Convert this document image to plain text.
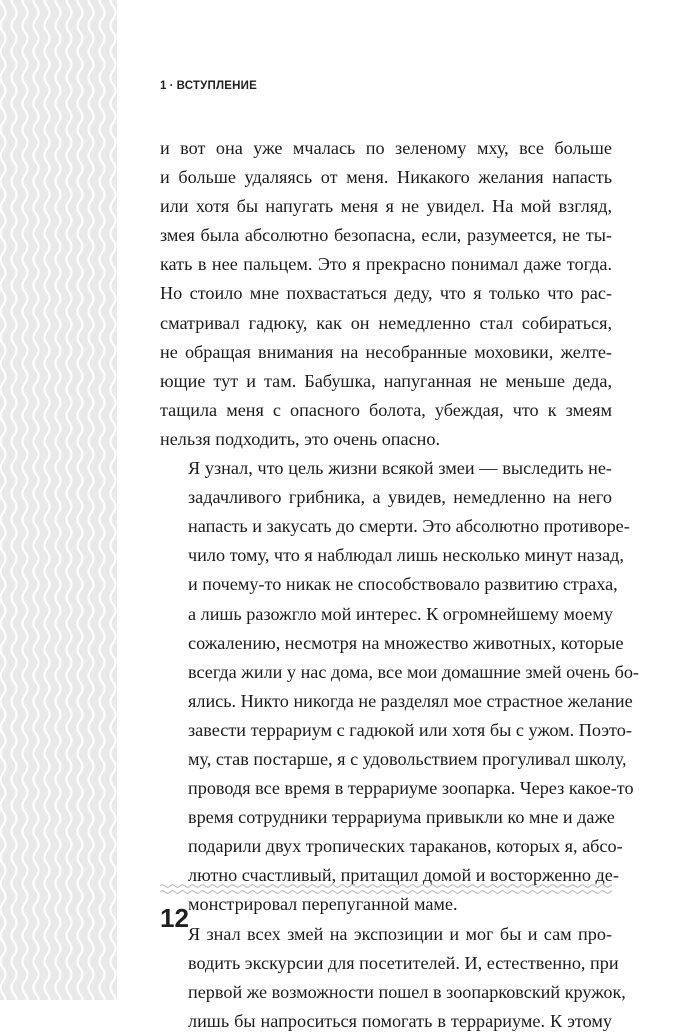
1 · ВСТУПЛЕНИЕ

и вот она уже мчалась по зеленому мху, все больше
и больше удаляясь от меня. Никакого желания напасть
или хотя бы напугать меня я не увидел. На мой взгляд,
змея была абсолютно безопасна, если, разумеется, не ты-
кать в нее пальцем. Это я прекрасно понимал даже тогда.
Но стоило мне похвастаться деду, что я только что рас-
сматривал гадюку, как он немедленно стал собираться,
не обращая внимания на несобранные моховики, желте-
ющие тут и там. Бабушка, напуганная не меньше деда,
тащила меня с опасного болота, убеждая, что к змеям
нельзя подходить, это очень опасно.

Я узнал, что цель жизни всякой змеи — выследить не-
задачливого грибника, а увидев, немедленно на него
напасть и закусать до смерти. Это абсолютно противоре-
чило тому, что я наблюдал лишь несколько минут назад,
и почему-то никак не способствовало развитию страха,
а лишь разожгло мой интерес. К огромнейшему моему
сожалению, несмотря на множество животных, которые
всегда жили у нас дома, все мои домашние змей очень бо-
ялись. Никто никогда не разделял мое страстное желание
завести террариум с гадюкой или хотя бы с ужом. Поэто-
му, став постарше, я с удовольствием прогуливал школу,
проводя все время в террариуме зоопарка. Через какое-то
время сотрудники террариума привыкли ко мне и даже
подарили двух тропических тараканов, которых я, абсо-
лютно счастливый, притащил домой и восторженно де-
монстрировал перепуганной маме.

Я знал всех змей на экспозиции и мог бы и сам про-
водить экскурсии для посетителей. И, естественно, при
первой же возможности пошел в зоопарковский кружок,
лишь бы напроситься помогать в террариуме. К этому

12
